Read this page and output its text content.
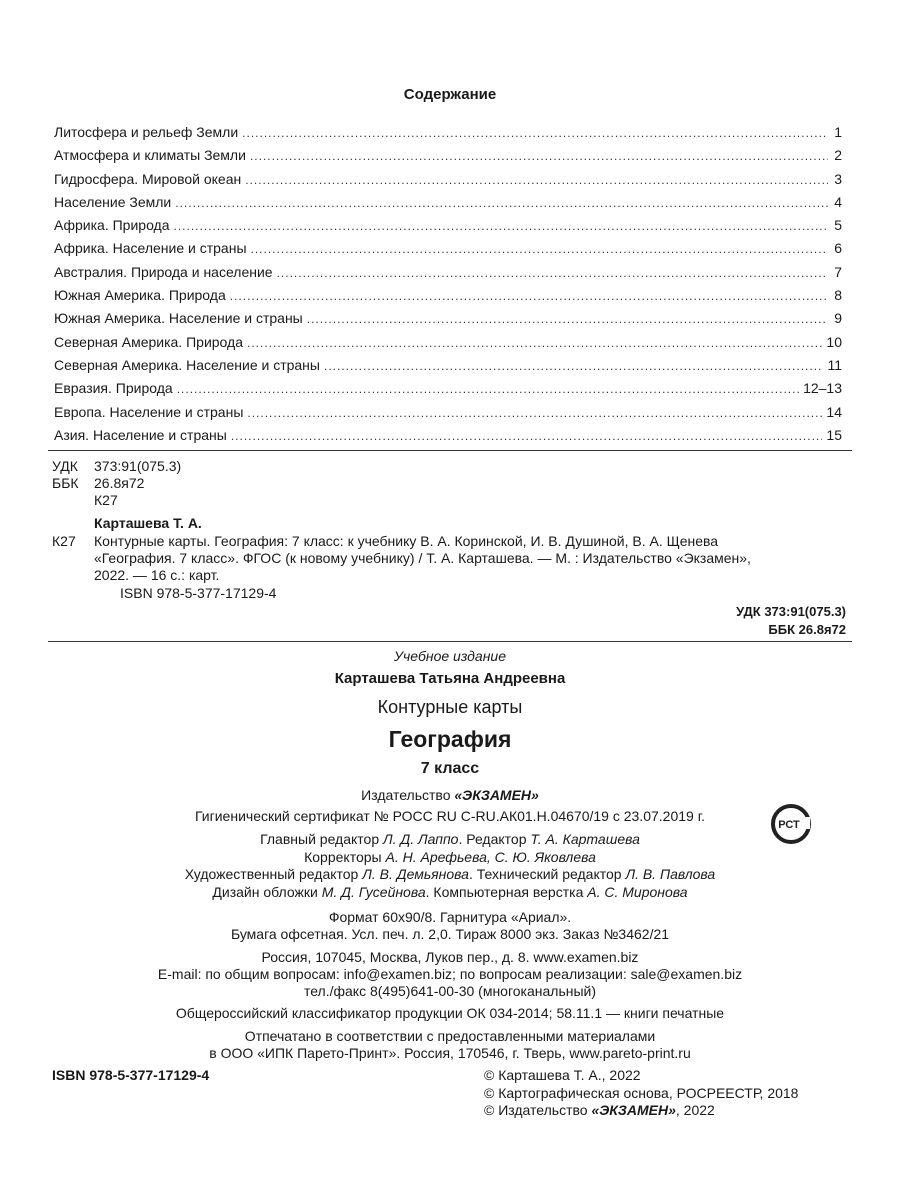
Содержание
Литосфера и рельеф Земли .....	1
Атмосфера и климаты Земли .....	2
Гидросфера. Мировой океан .....	3
Население Земли .....	4
Африка. Природа .....	5
Африка. Население и страны .....	6
Австралия. Природа и население .....	7
Южная Америка. Природа .....	8
Южная Америка. Население и страны .....	9
Северная Америка. Природа .....	10
Северная Америка. Население и страны .....	11
Евразия. Природа .....	12–13
Европа. Население и страны .....	14
Азия. Население и страны .....	15
УДК 373:91(075.3)
ББК 26.8я72
К27
Карташева Т. А.
К27 Контурные карты. География: 7 класс: к учебнику В. А. Коринской, И. В. Душиной, В. А. Щенева
«География. 7 класс». ФГОС (к новому учебнику) / Т. А. Карташева. — М. : Издательство «Экзамен»,
2022. — 16 с.: карт.
ISBN 978-5-377-17129-4
УДК 373:91(075.3)
ББК 26.8я72
Учебное издание
Карташева Татьяна Андреевна
Контурные карты
География
7 класс
Издательство «ЭКЗАМЕН»
Гигиенический сертификат № РОСС RU С-RU.АК01.Н.04670/19 с 23.07.2019 г.
РСТ
Главный редактор Л. Д. Лаппо. Редактор Т. А. Карташева
Корректоры А. Н. Арефьева, С. Ю. Яковлева
Художественный редактор Л. В. Демьянова. Технический редактор Л. В. Павлова
Дизайн обложки М. Д. Гусейнова. Компьютерная верстка А. С. Миронова
Формат 60х90/8. Гарнитура «Ариал».
Бумага офсетная. Усл. печ. л. 2,0. Тираж 8000 экз. Заказ №3462/21
Россия, 107045, Москва, Луков пер., д. 8. www.examen.biz
E-mail: по общим вопросам: info@examen.biz; по вопросам реализации: sale@examen.biz
тел./факс 8(495)641-00-30 (многоканальный)
Общероссийский классификатор продукции ОК 034-2014; 58.11.1 — книги печатные
Отпечатано в соответствии с предоставленными материалами
в ООО «ИПК Парето-Принт». Россия, 170546, г. Тверь, www.pareto-print.ru
ISBN 978-5-377-17129-4	© Карташева Т. А., 2022
© Картографическая основа, РОСРЕЕСТР, 2018
© Издательство «ЭКЗАМЕН», 2022
